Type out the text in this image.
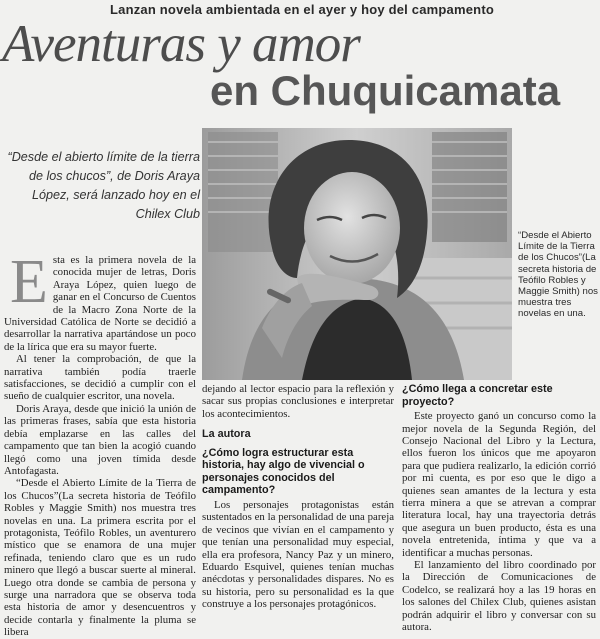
Lanzan novela ambientada en el ayer y hoy del campamento
Aventuras y amor
en Chuquicamata
“Desde el abierto límite de la tierra de los chucos”, de Doris Araya López, será lanzado hoy en el Chilex Club
“Desde el Abierto Límite de la Tierra de los Chucos”(La secreta historia de Teófilo Robles y Maggie Smith) nos muestra tres novelas en una.

Esta es la primera novela de la conocida mujer de letras, Doris Araya López, quien luego de ganar en el Concurso de Cuentos de la Macro Zona Norte de la Universidad Católica de Norte se decidió a desarrollar la narrativa apartándose un poco de la lírica que era su mayor fuerte.

Al tener la comprobación, de que la narrativa también podía traerle satisfacciones, se decidió a cumplir con el sueño de cualquier escritor, una novela.

Doris Araya, desde que inició la unión de las primeras frases, sabía que esta historia debía emplazarse en las calles del campamento que tan bien la acogió cuando llegó como una joven tímida desde Antofagasta.

“Desde el Abierto Límite de la Tierra de los Chucos”(La secreta historia de Teófilo Robles y Maggie Smith) nos muestra tres novelas en una. La primera escrita por el protagonista, Teófilo Robles, un aventurero místico que se enamora de una mujer refinada, teniendo claro que es un rudo minero que llegó a buscar suerte al mineral. Luego otra donde se cambia de persona y surge una narradora que se observa toda esta historia de amor y desencuentros y decide contarla y finalmente la pluma se libera

dejando al lector espacio para la reflexión y sacar sus propias conclusiones e interpretar los acontecimientos.

La autora
¿Cómo logra estructurar esta historia, hay algo de vivencial o personajes conocidos del campamento?

Los personajes protagonistas están sustentados en la personalidad de una pareja de vecinos que vivían en el campamento y que tenían una personalidad muy especial, ella era profesora, Nancy Paz y un minero, Eduardo Esquivel, quienes tenían muchas anécdotas y personalidades dispares. No es su historia, pero su personalidad es la que construye a los personajes protagónicos.

¿Cómo llega a concretar este proyecto?

Este proyecto ganó un concurso como la mejor novela de la Segunda Región, del Consejo Nacional del Libro y la Lectura, ellos fueron los únicos que me apoyaron para que pudiera realizarlo, la edición corrió por mi cuenta, es por eso que le digo a quienes sean amantes de la lectura y esta tierra minera a que se atrevan a comprar literatura local, hay una trayectoria detrás que asegura un buen producto, ésta es una novela entretenida, íntima y que va a identificar a muchas personas.

El lanzamiento del libro coordinado por la Dirección de Comunicaciones de Codelco, se realizará hoy a las 19 horas en los salones del Chilex Club, quienes asistan podrán adquirir el libro y conversar con su autora.
